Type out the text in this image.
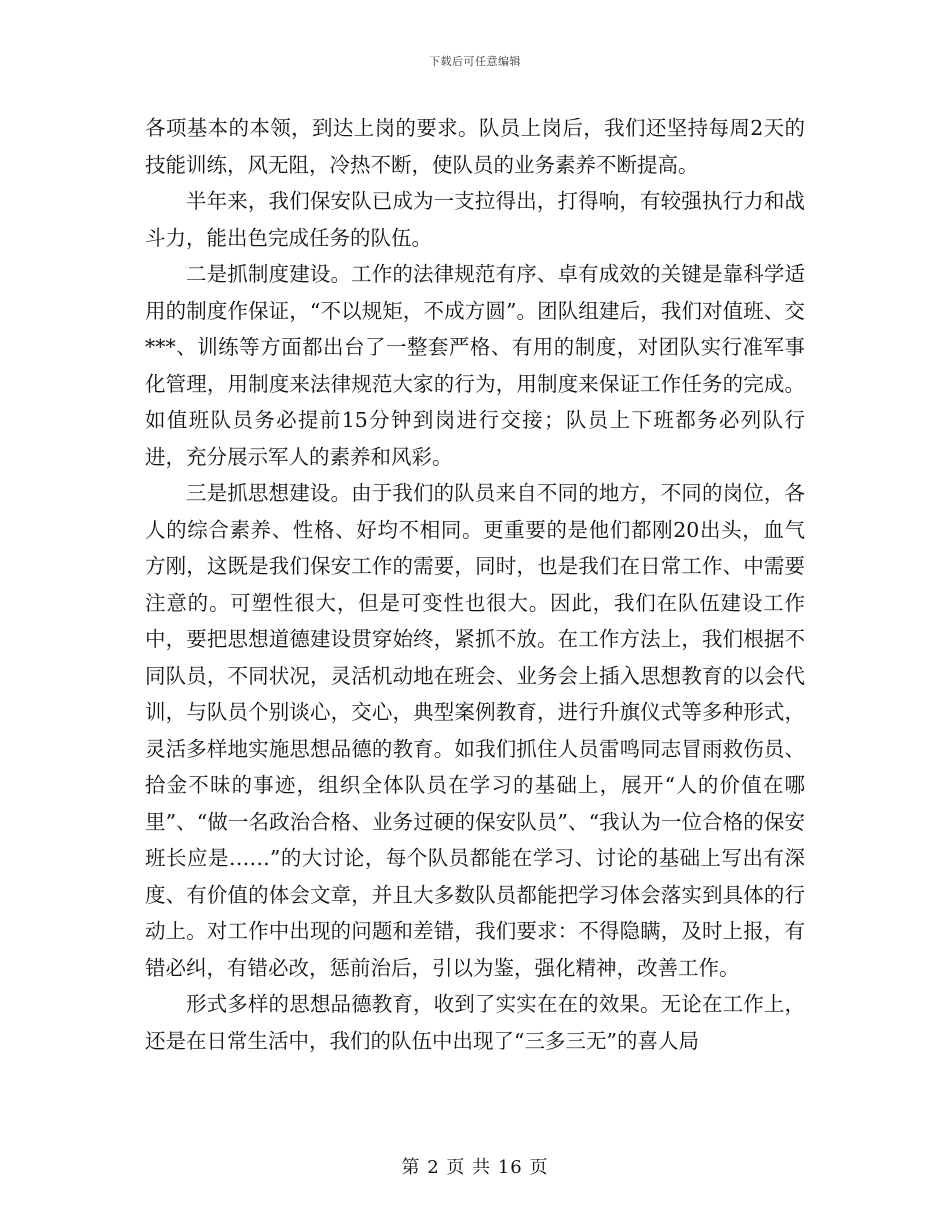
下载后可任意编辑

各项基本的本领，到达上岗的要求。队员上岗后，我们还坚持每周2天的技能训练，风无阻，冷热不断，使队员的业务素养不断提高。

半年来，我们保安队已成为一支拉得出，打得响，有较强执行力和战斗力，能出色完成任务的队伍。

二是抓制度建设。工作的法律规范有序、卓有成效的关键是靠科学适用的制度作保证，“不以规矩，不成方圆”。团队组建后，我们对值班、交***、训练等方面都出台了一整套严格、有用的制度，对团队实行准军事化管理，用制度来法律规范大家的行为，用制度来保证工作任务的完成。如值班队员务必提前15分钟到岗进行交接；队员上下班都务必列队行进，充分展示军人的素养和风彩。

三是抓思想建设。由于我们的队员来自不同的地方，不同的岗位，各人的综合素养、性格、好均不相同。更重要的是他们都刚20出头，血气方刚，这既是我们保安工作的需要，同时，也是我们在日常工作、中需要注意的。可塑性很大，但是可变性也很大。因此，我们在队伍建设工作中，要把思想道德建设贯穿始终，紧抓不放。在工作方法上，我们根据不同队员，不同状况，灵活机动地在班会、业务会上插入思想教育的以会代训，与队员个别谈心，交心，典型案例教育，进行升旗仪式等多种形式，灵活多样地实施思想品德的教育。如我们抓住人员雷鸣同志冒雨救伤员、拾金不昧的事迹，组织全体队员在学习的基础上，展开“人的价值在哪里”、“做一名政治合格、业务过硬的保安队员”、“我认为一位合格的保安班长应是……”的大讨论，每个队员都能在学习、讨论的基础上写出有深度、有价值的体会文章，并且大多数队员都能把学习体会落实到具体的行动上。对工作中出现的问题和差错，我们要求：不得隐瞒，及时上报，有错必纠，有错必改，惩前治后，引以为鉴，强化精神，改善工作。

形式多样的思想品德教育，收到了实实在在的效果。无论在工作上，还是在日常生活中，我们的队伍中出现了“三多三无”的喜人局

第 2 页 共 16 页
